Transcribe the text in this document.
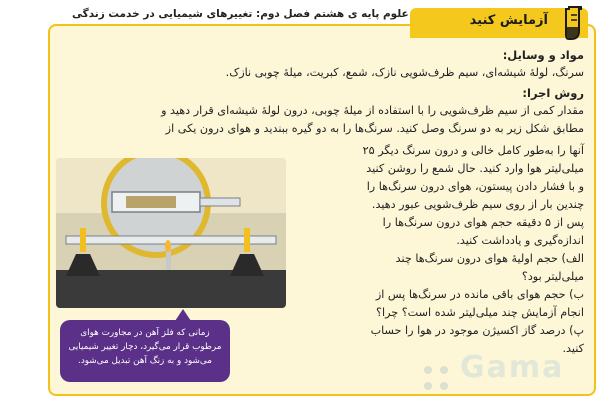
علوم پایه ی هشتم فصل دوم: تغییرهای شیمیایی در خدمت زندگی	آزمایش کنید
مواد و وسایل:
سرنگ، لولهٔ شیشه‌ای، سیم ظرف‌شویی نازک، شمع، کبریت، میلهٔ چوبی نازک.
روش اجرا:
مقدار کمی از سیم ظرف‌شویی را با استفاده از میلهٔ چوبی، درون لولهٔ شیشه‌ای قرار دهید و
مطابق شکل زیر به دو سرنگ وصل کنید. سرنگ‌ها را به دو گیره ببندید و هوای درون یکی از
آنها را به‌طور کامل خالی و درون سرنگ دیگر ۲۵
میلی‌لیتر هوا وارد کنید. حال شمع را روشن کنید
و با فشار دادن پیستون، هوای درون سرنگ‌ها را
چندین بار از روی سیم ظرف‌شویی عبور دهید.
پس از ۵ دقیقه حجم هوای درون سرنگ‌ها را
اندازه‌گیری و یادداشت کنید.
الف) حجم اولیهٔ هوای درون سرنگ‌ها چند
میلی‌لیتر بود؟
ب) حجم هوای باقی مانده در سرنگ‌ها پس از
انجام آزمایش چند میلی‌لیتر شده است؟ چرا؟
پ) درصد گاز اکسیژن موجود در هوا را حساب
کنید.
زمانی که فلز آهن در مجاورت هوای مرطوب قرار می‌گیرد، دچار تغییر شیمیایی می‌شود و به زنگ آهن تبدیل می‌شود.	Gama
